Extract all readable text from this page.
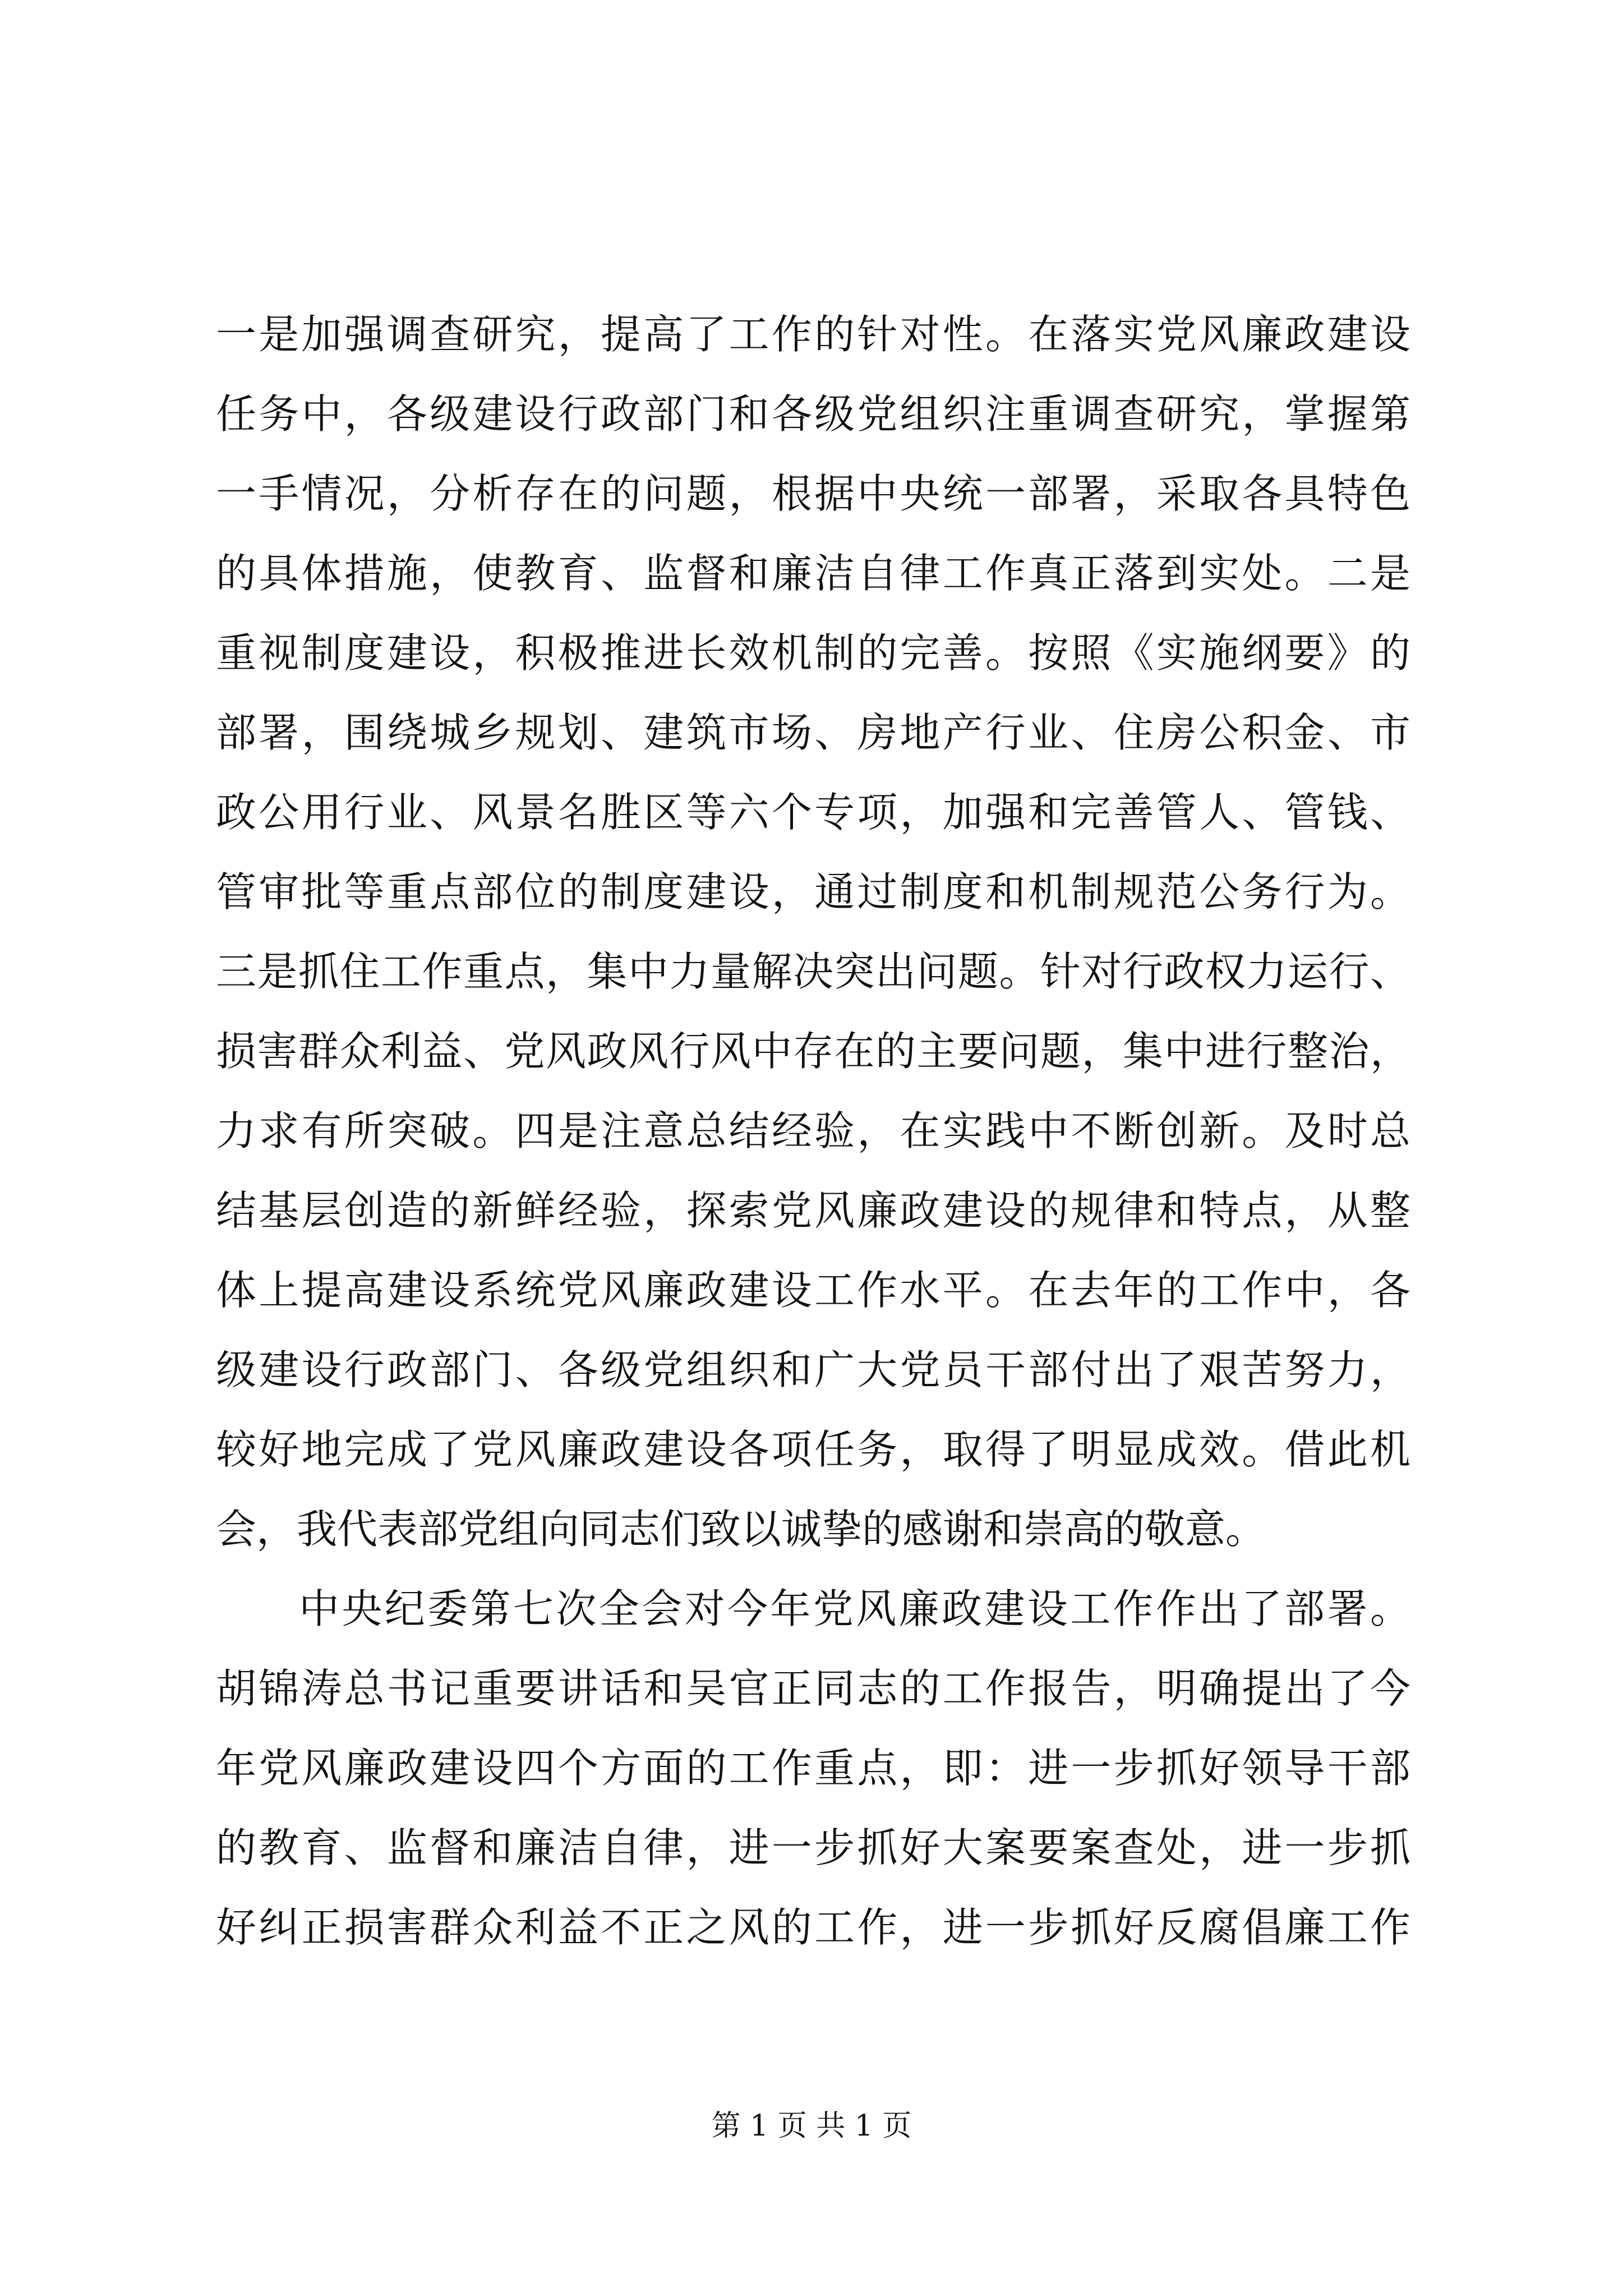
一是加强调查研究，提高了工作的针对性。在落实党风廉政建设
任务中，各级建设行政部门和各级党组织注重调查研究，掌握第
一手情况，分析存在的问题，根据中央统一部署，采取各具特色
的具体措施，使教育、监督和廉洁自律工作真正落到实处。二是
重视制度建设，积极推进长效机制的完善。按照《实施纲要》的
部署，围绕城乡规划、建筑市场、房地产行业、住房公积金、市
政公用行业、风景名胜区等六个专项，加强和完善管人、管钱、
管审批等重点部位的制度建设，通过制度和机制规范公务行为。
三是抓住工作重点，集中力量解决突出问题。针对行政权力运行、
损害群众利益、党风政风行风中存在的主要问题，集中进行整治，
力求有所突破。四是注意总结经验，在实践中不断创新。及时总
结基层创造的新鲜经验，探索党风廉政建设的规律和特点，从整
体上提高建设系统党风廉政建设工作水平。在去年的工作中，各
级建设行政部门、各级党组织和广大党员干部付出了艰苦努力，
较好地完成了党风廉政建设各项任务，取得了明显成效。借此机
会，我代表部党组向同志们致以诚挚的感谢和崇高的敬意。
中央纪委第七次全会对今年党风廉政建设工作作出了部署。
胡锦涛总书记重要讲话和吴官正同志的工作报告，明确提出了今
年党风廉政建设四个方面的工作重点，即：进一步抓好领导干部
的教育、监督和廉洁自律，进一步抓好大案要案查处，进一步抓
好纠正损害群众利益不正之风的工作，进一步抓好反腐倡廉工作
第 1 页 共 1 页
